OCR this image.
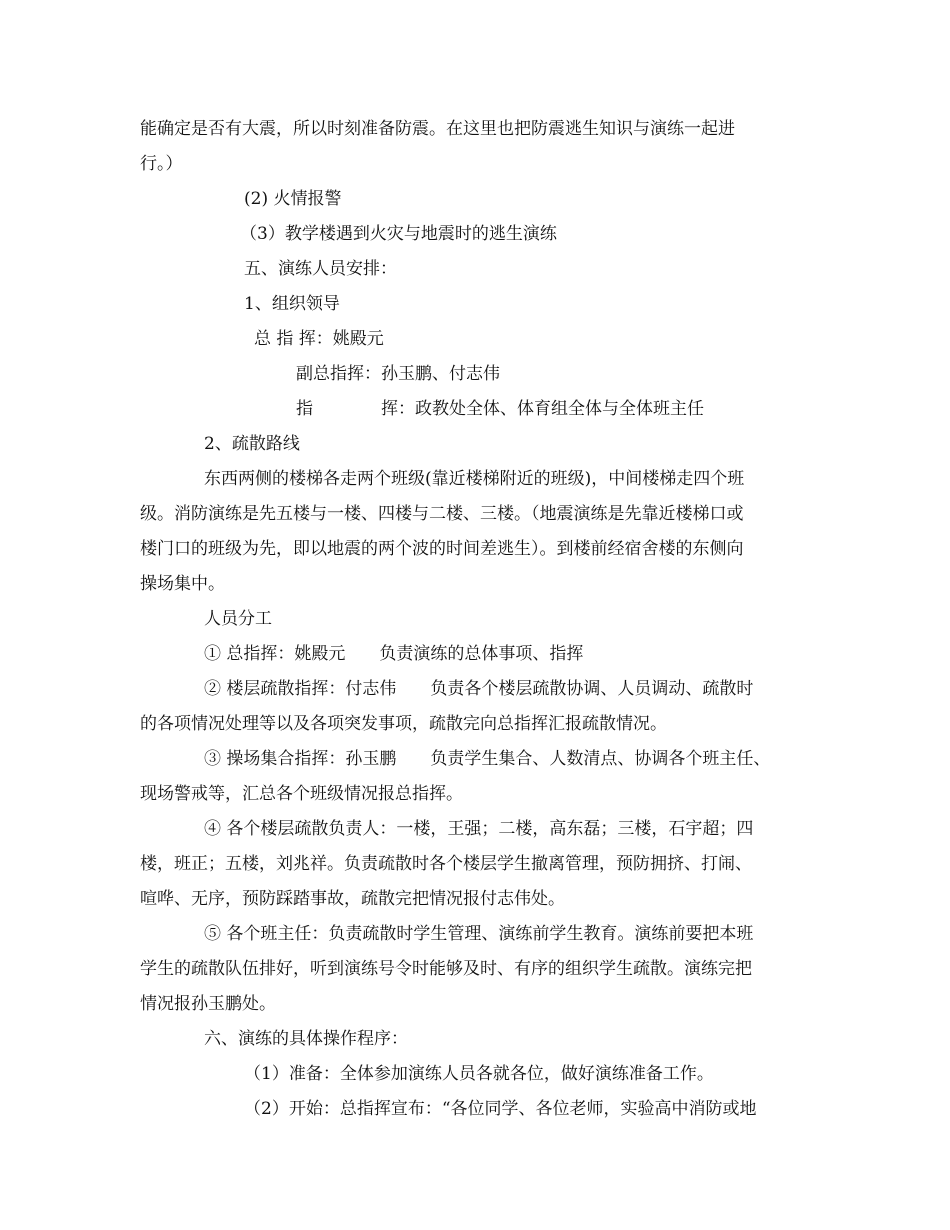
能确定是否有大震，所以时刻准备防震。在这里也把防震逃生知识与演练一起进
行。）
(2) 火情报警
（3）教学楼遇到火灾与地震时的逃生演练
五、演练人员安排：
1、组织领导
总 指 挥：姚殿元
副总指挥：孙玉鹏、付志伟
指　　　　挥：政教处全体、体育组全体与全体班主任
2、疏散路线
东西两侧的楼梯各走两个班级(靠近楼梯附近的班级)，中间楼梯走四个班
级。消防演练是先五楼与一楼、四楼与二楼、三楼。（地震演练是先靠近楼梯口或
楼门口的班级为先，即以地震的两个波的时间差逃生）。到楼前经宿舍楼的东侧向
操场集中。
人员分工
① 总指挥：姚殿元　　负责演练的总体事项、指挥
② 楼层疏散指挥：付志伟　　负责各个楼层疏散协调、人员调动、疏散时
的各项情况处理等以及各项突发事项，疏散完向总指挥汇报疏散情况。
③ 操场集合指挥：孙玉鹏　　负责学生集合、人数清点、协调各个班主任、
现场警戒等，汇总各个班级情况报总指挥。
④ 各个楼层疏散负责人：一楼，王强；二楼，高东磊；三楼，石宇超；四
楼，班正；五楼，刘兆祥。负责疏散时各个楼层学生撤离管理，预防拥挤、打闹、
喧哗、无序，预防踩踏事故，疏散完把情况报付志伟处。
⑤ 各个班主任：负责疏散时学生管理、演练前学生教育。演练前要把本班
学生的疏散队伍排好，听到演练号令时能够及时、有序的组织学生疏散。演练完把
情况报孙玉鹏处。
六、演练的具体操作程序：
（1）准备：全体参加演练人员各就各位，做好演练准备工作。
（2）开始：总指挥宣布：“各位同学、各位老师，实验高中消防或地
